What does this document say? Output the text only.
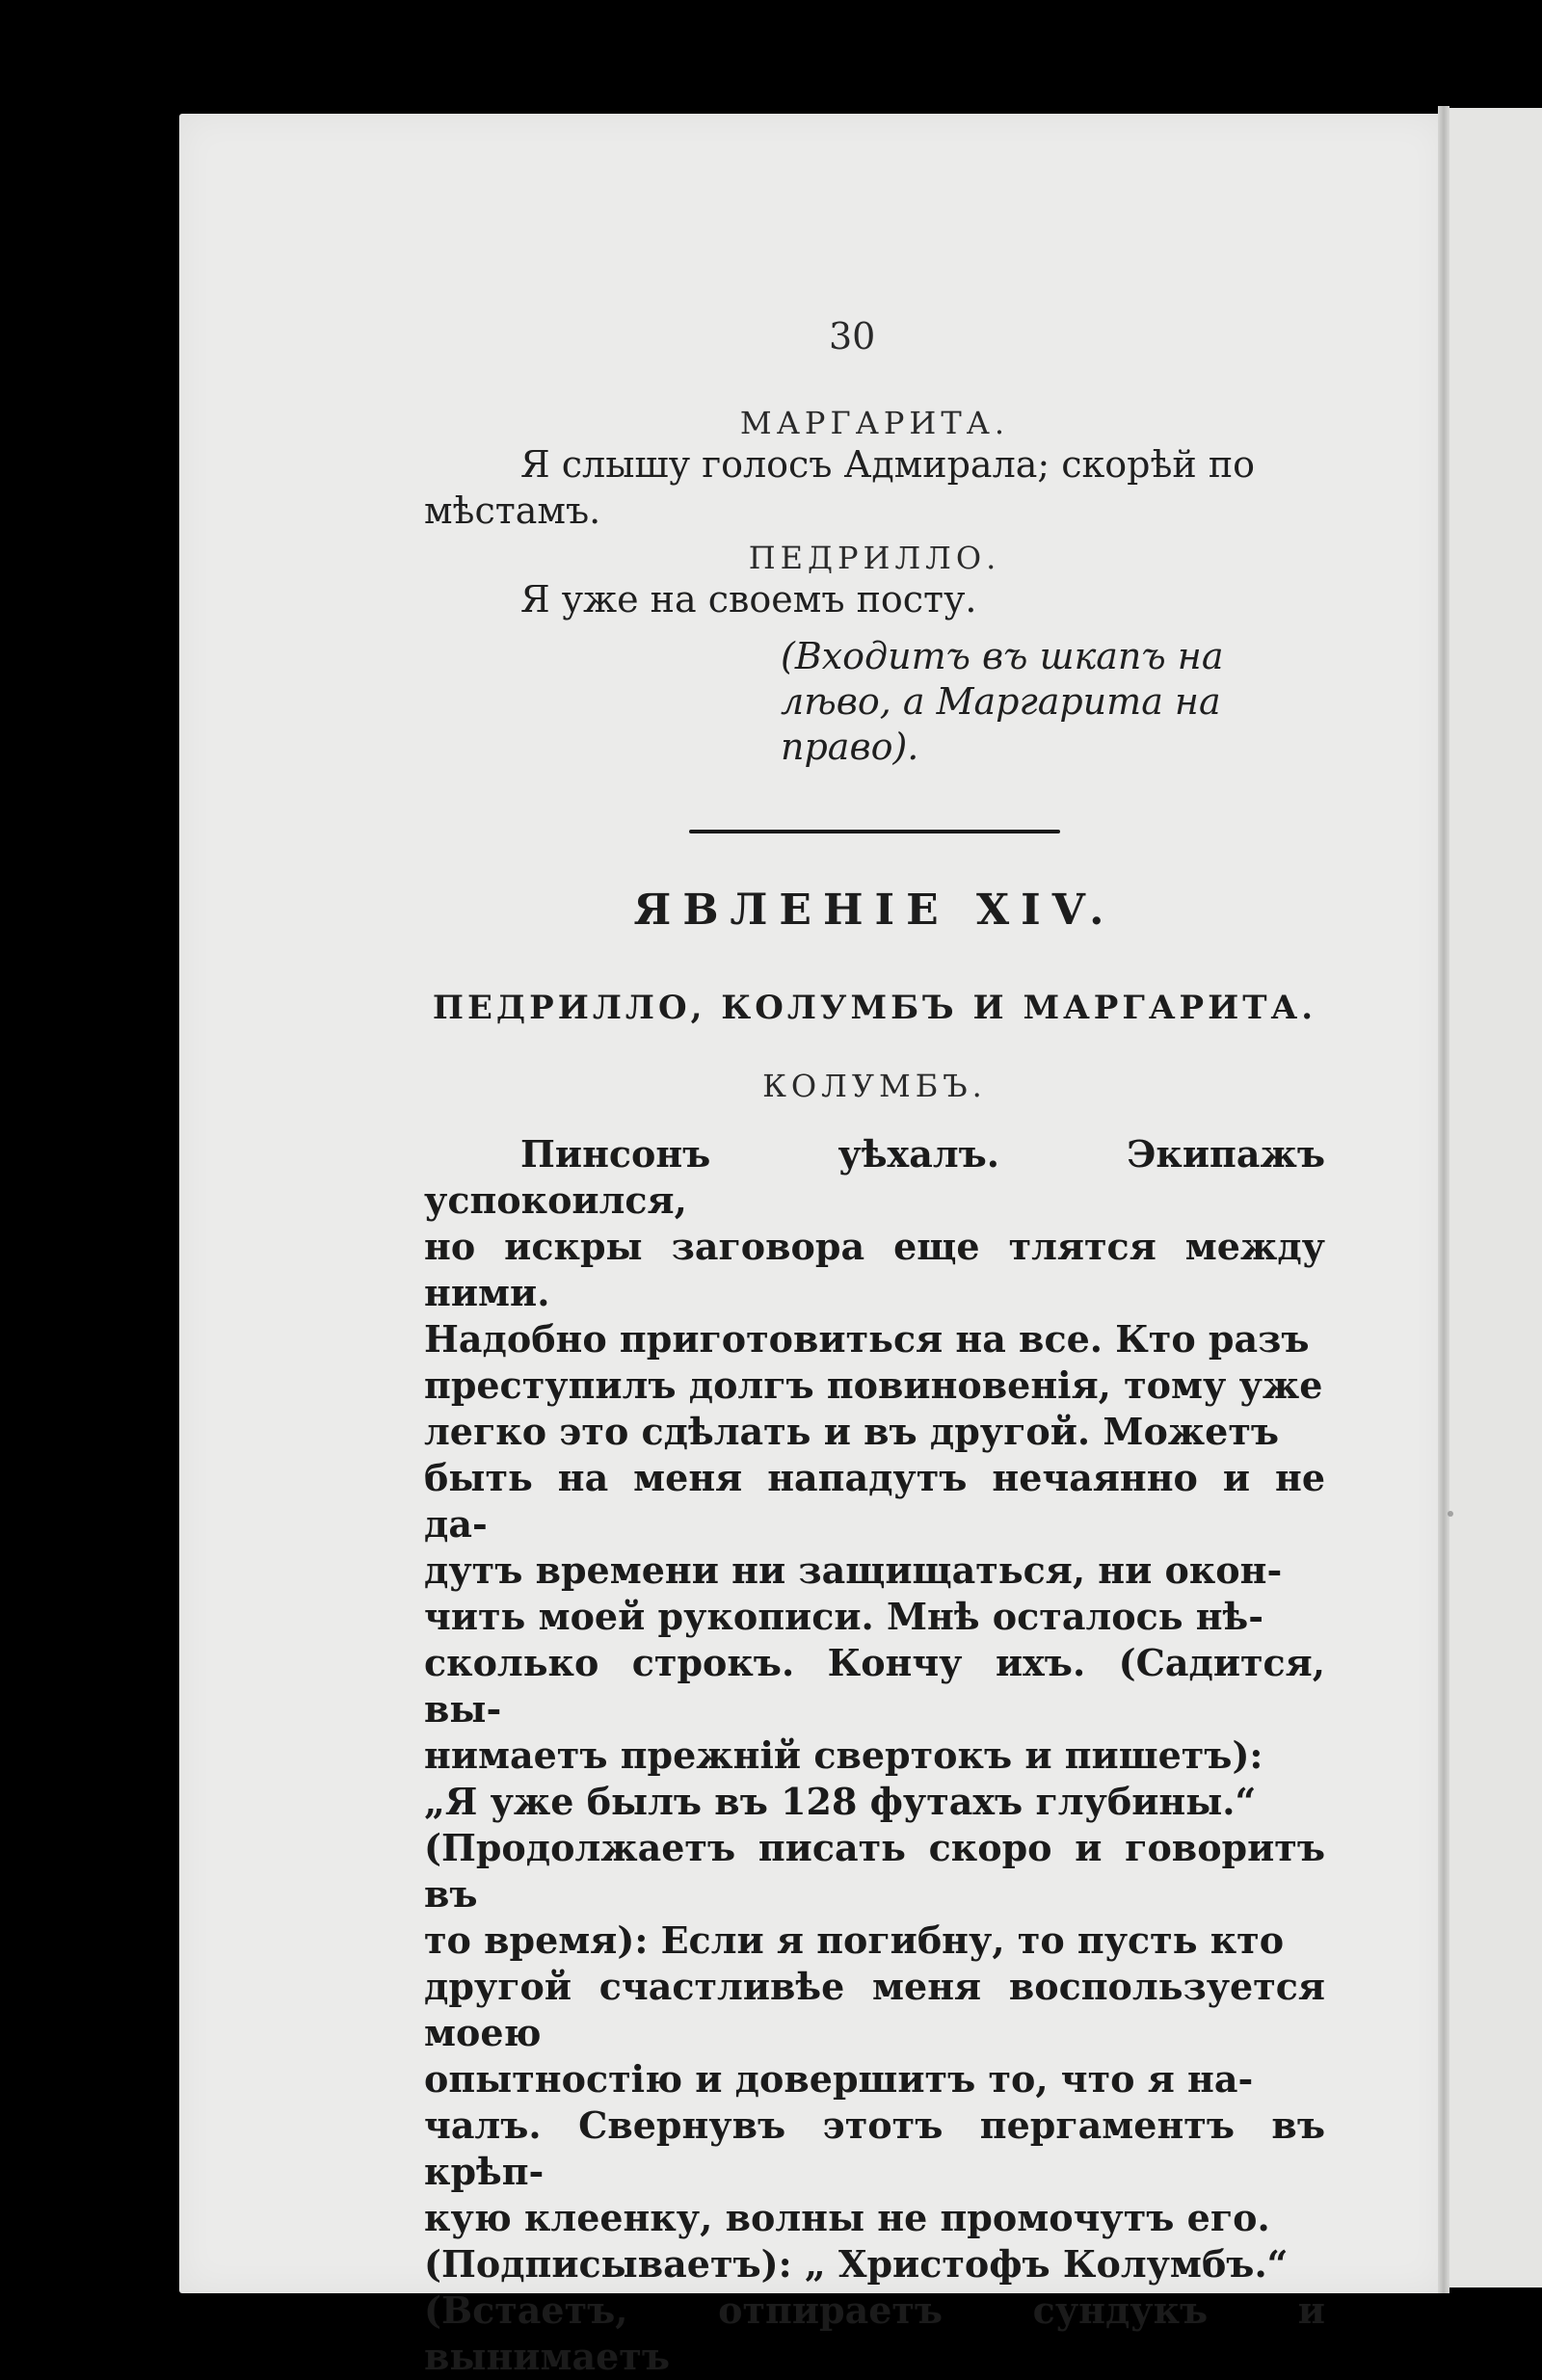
30
МАРГАРИТА.
Я слышу голосъ Адмирала; скорѣй по
мѣстамъ.
ПЕДРИЛЛО.
Я уже на своемъ посту.
(Входитъ въ шкапъ на
лѣво, а Маргарита на
право).
ЯВЛЕНІЕ XIV.
ПЕДРИЛЛО, КОЛУМБЪ И МАРГАРИТА.
КОЛУМБЪ.
Пинсонъ уѣхалъ. Экипажъ успокоился,
но искры заговора еще тлятся между ними.
Надобно приготовиться на все. Кто разъ
преступилъ долгъ повиновенія, тому уже
легко это сдѣлать и въ другой. Можетъ
быть на меня нападутъ нечаянно и не да-
дутъ времени ни защищаться, ни окон-
чить моей рукописи. Мнѣ осталось нѣ-
сколько строкъ. Кончу ихъ. (Садится, вы-
нимаетъ прежній свертокъ и пишетъ):
„Я уже былъ въ 128 футахъ глубины.“
(Продолжаетъ писать скоро и говоритъ въ
то время): Если я погибну, то пусть кто
другой счастливѣе меня воспользуется моею
опытностію и довершитъ то, что я на-
чалъ. Свернувъ этотъ пергаментъ въ крѣп-
кую клеенку, волны не промочутъ его.
(Подписываетъ): „ Христофъ Колумбъ.“
(Встаетъ, отпираетъ сундукъ и вынимаетъ
